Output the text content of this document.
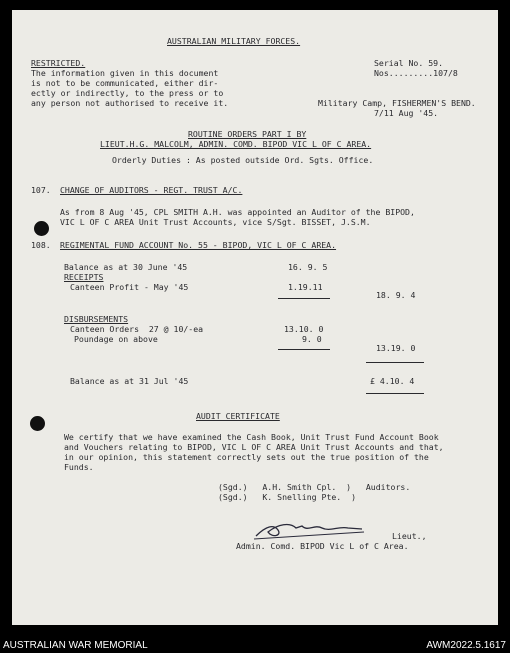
AUSTRALIAN MILITARY FORCES.
RESTRICTED.
The information given in this document
is not to be communicated, either dir-
ectly or indirectly, to the press or to
any person not authorised to receive it.
Serial No. 59.
Nos.........107/8
Military Camp, FISHERMEN'S BEND.
7/11 Aug '45.
ROUTINE ORDERS PART I BY
LIEUT.H.G. MALCOLM, ADMIN. COMD. BIPOD VIC L OF C AREA.
Orderly Duties : As posted outside Ord. Sgts. Office.
107. CHANGE OF AUDITORS - REGT. TRUST A/C.
As from 8 Aug '45, CPL SMITH A.H. was appointed an Auditor of the BIPOD,
VIC L OF C AREA Unit Trust Accounts, vice S/Sgt. BISSET, J.S.M.
108. REGIMENTAL FUND ACCOUNT No. 55 - BIPOD, VIC L OF C AREA.
Balance as at 30 June '45	16. 9. 5
RECEIPTS
Canteen Profit - May '45	1.19.11
18. 9. 4
DISBURSEMENTS
Canteen Orders  27 @ 10/-ea	13.10. 0
Poundage on above	9. 0
13.19. 0
Balance as at 31 Jul '45	£ 4.10. 4
AUDIT CERTIFICATE
We certify that we have examined the Cash Book, Unit Trust Fund Account Book
and Vouchers relating to BIPOD, VIC L OF C AREA Unit Trust Accounts and that,
in our opinion, this statement correctly sets out the true position of the
Funds.
(Sgd.)   A.H. Smith Cpl.  )   Auditors.
(Sgd.)   K. Snelling Pte.  )
Lieut.,
Admin. Comd. BIPOD Vic L of C Area.
AUSTRALIAN WAR MEMORIAL	AWM2022.5.1617
